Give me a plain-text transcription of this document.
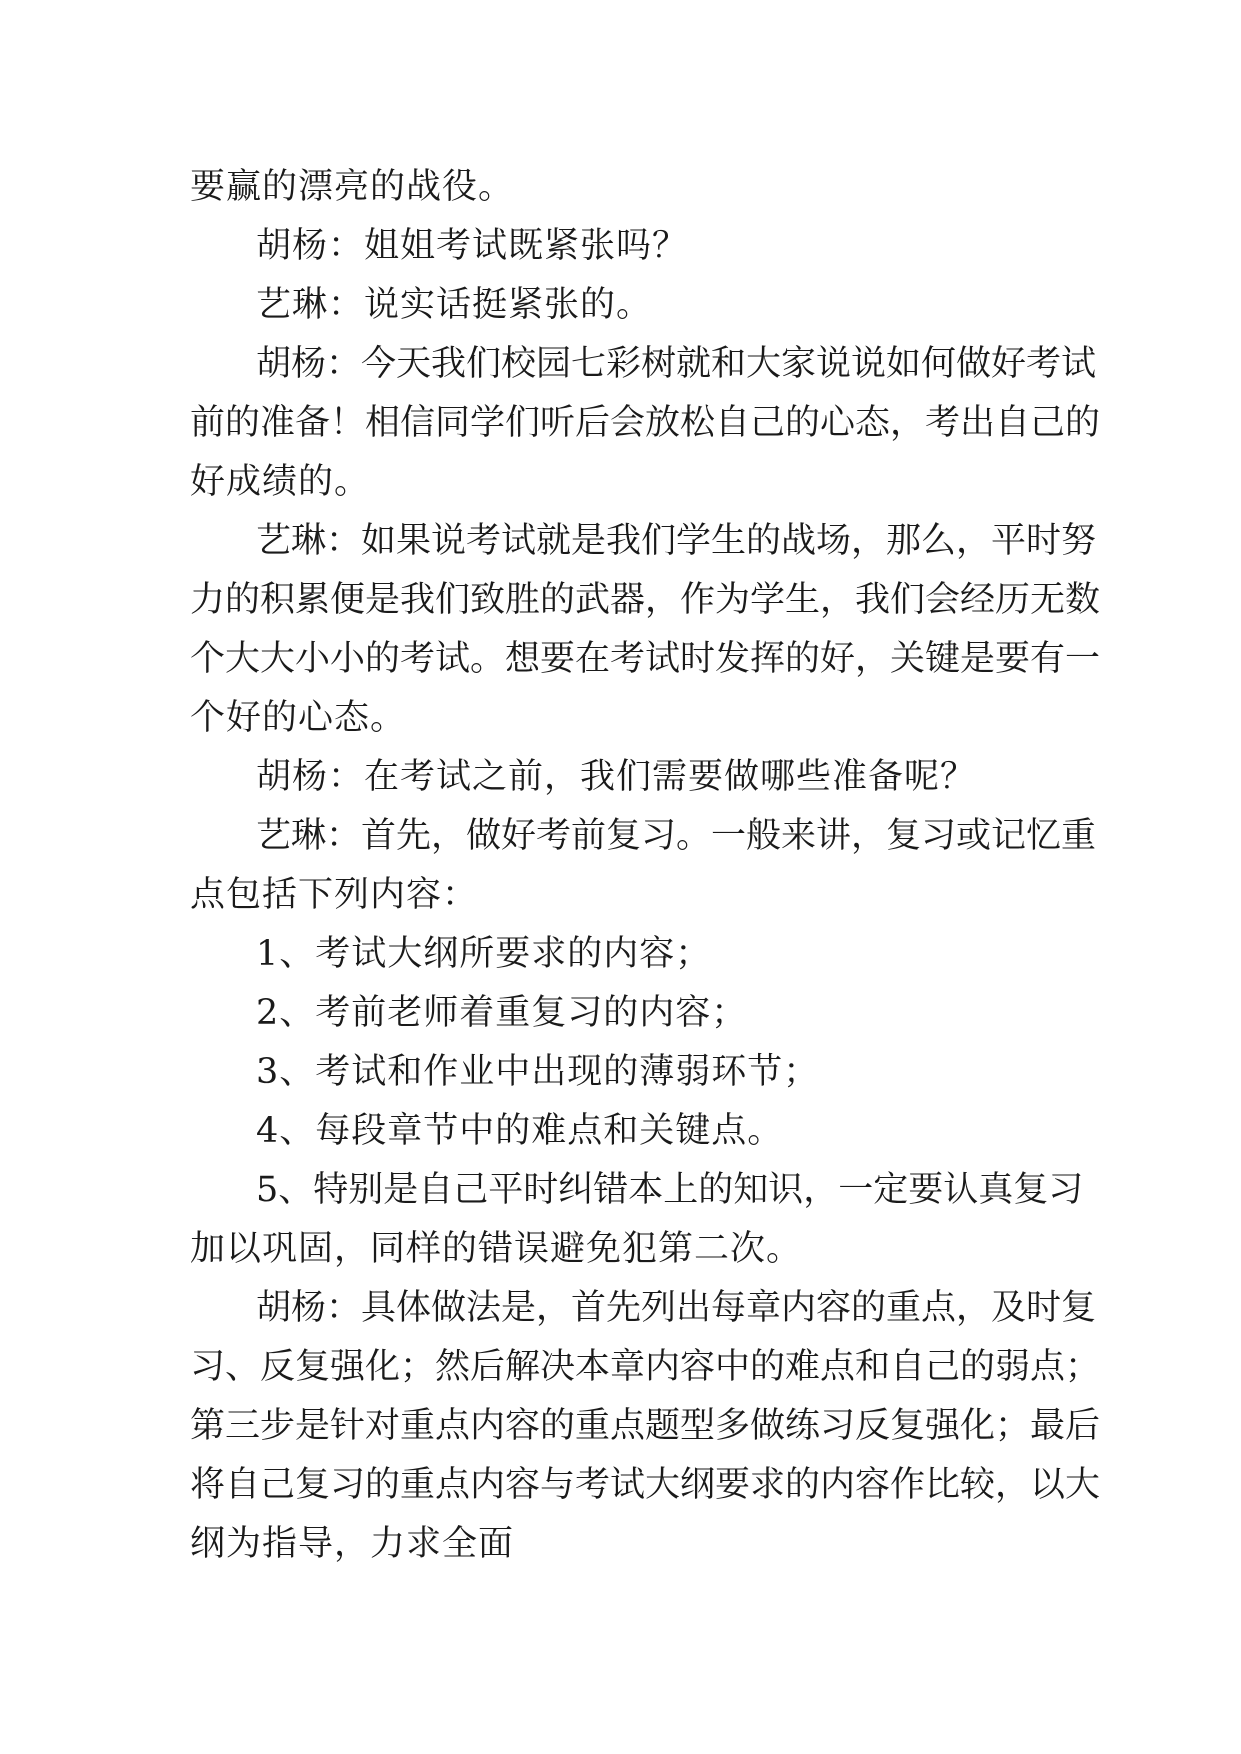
要赢的漂亮的战役。
胡杨：姐姐考试既紧张吗？
艺琳：说实话挺紧张的。
胡杨：今天我们校园七彩树就和大家说说如何做好考试
前的准备！相信同学们听后会放松自己的心态，考出自己的
好成绩的。
艺琳：如果说考试就是我们学生的战场，那么，平时努
力的积累便是我们致胜的武器，作为学生，我们会经历无数
个大大小小的考试。想要在考试时发挥的好，关键是要有一
个好的心态。
胡杨：在考试之前，我们需要做哪些准备呢？
艺琳：首先，做好考前复习。一般来讲，复习或记忆重
点包括下列内容：
1、考试大纲所要求的内容；
2、考前老师着重复习的内容；
3、考试和作业中出现的薄弱环节；
4、每段章节中的难点和关键点。
5、特别是自己平时纠错本上的知识，一定要认真复习
加以巩固，同样的错误避免犯第二次。
胡杨：具体做法是，首先列出每章内容的重点，及时复
习、反复强化；然后解决本章内容中的难点和自己的弱点；
第三步是针对重点内容的重点题型多做练习反复强化；最后
将自己复习的重点内容与考试大纲要求的内容作比较，以大
纲为指导，力求全面
